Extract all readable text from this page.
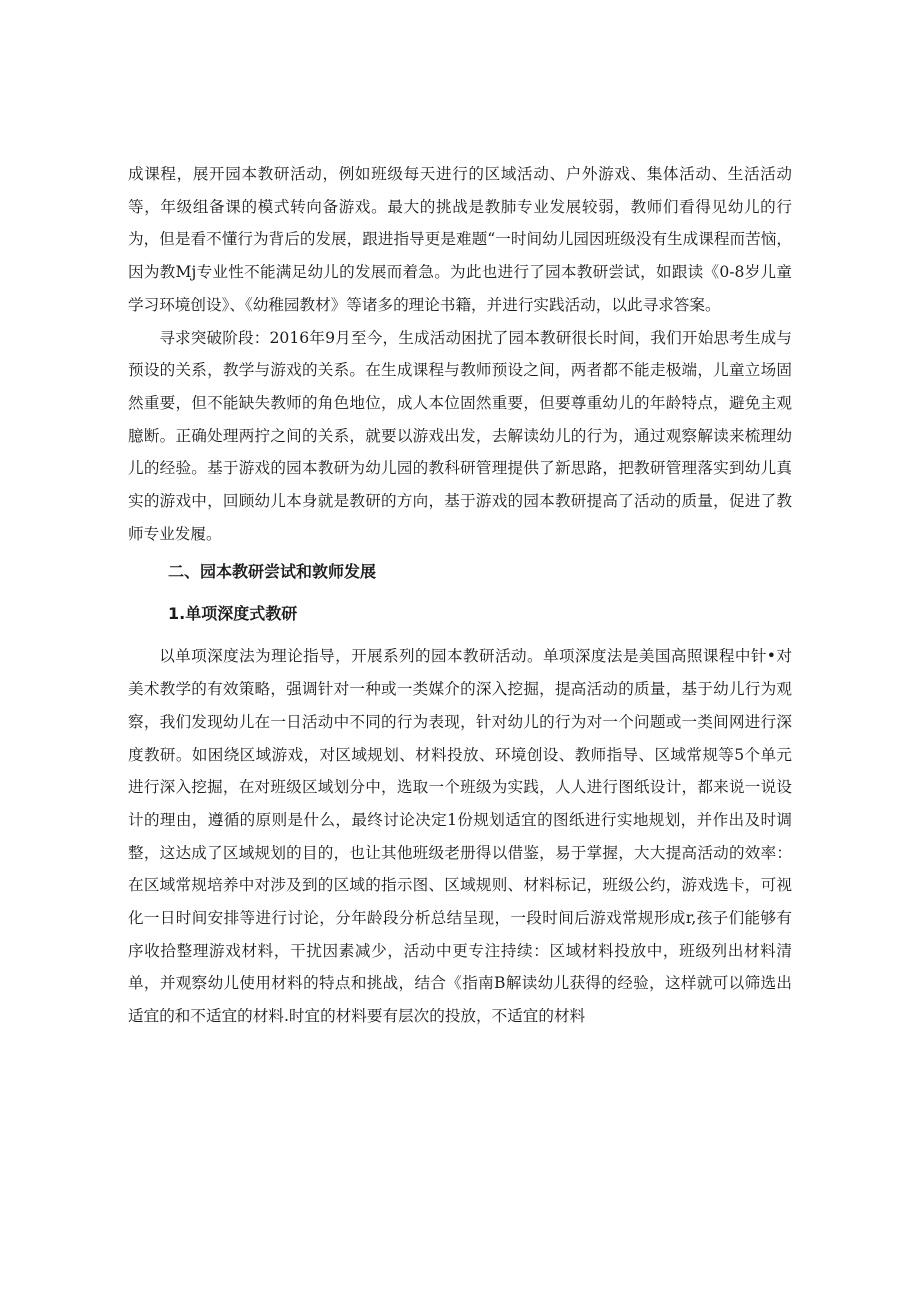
成课程，展开园本教研活动，例如班级每天进行的区域活动、户外游戏、集体活动、生活活动等，年级组备课的模式转向备游戏。最大的挑战是教肺专业发展较弱，教师们看得见幼儿的行为，但是看不懂行为背后的发展，跟进指导更是难题“一时间幼儿园因班级没有生成课程而苦恼，因为教Mj专业性不能满足幼儿的发展而着急。为此也进行了园本教研尝试，如跟读《0-8岁儿童学习环境创设》、《幼稚园教材》等诸多的理论书籍，并进行实践活动，以此寻求答案。

寻求突破阶段：2016年9月至今，生成活动困扰了园本教研很长时间，我们开始思考生成与预设的关系，教学与游戏的关系。在生成课程与教师预设之间，两者都不能走极端，儿童立场固然重要，但不能缺失教师的角色地位，成人本位固然重要，但要尊重幼儿的年龄特点，避免主观臆断。正确处理两拧之间的关系，就要以游戏出发，去解读幼儿的行为，通过观察解读来梳理幼儿的经验。基于游戏的园本教研为幼儿园的教科研管理提供了新思路，把教研管理落实到幼儿真实的游戏中，回顾幼儿本身就是教研的方向，基于游戏的园本教研提高了活动的质量，促进了教师专业发履。

二、园本教研尝试和敦师发展
1.单项深度式教研

以单项深度法为理论指导，开展系列的园本教研活动。单项深度法是美国高照课程中针•对美术教学的有效策略，强调针对一种或一类媒介的深入挖掘，提高活动的质量，基于幼儿行为观察，我们发现幼儿在一日活动中不同的行为表现，针对幼儿的行为对一个问题或一类间网进行深度教研。如困绕区域游戏，对区域规划、材料投放、环境创设、教师指导、区域常规等5个单元进行深入挖掘，在对班级区域划分中，选取一个班级为实践，人人进行图纸设计，都来说一说设计的理由，遵循的原则是什么，最终讨论决定1份规划适宜的图纸进行实地规划，并作出及时调整，这达成了区域规划的目的，也让其他班级老册得以借鉴，易于掌握，大大提高活动的效率：在区域常规培养中对涉及到的区域的指示图、区域规则、材料标记，班级公约，游戏选卡，可视化一日时间安排等进行讨论，分年龄段分析总结呈现，一段时间后游戏常规形成r,孩子们能够有序收拾整理游戏材料，干扰因素减少，活动中更专注持续：区域材料投放中，班级列出材料清单，并观察幼儿使用材料的特点和挑战，结合《指南B解读幼儿获得的经验，这样就可以筛选出适宜的和不适宜的材料.时宜的材料要有层次的投放，不适宜的材料
